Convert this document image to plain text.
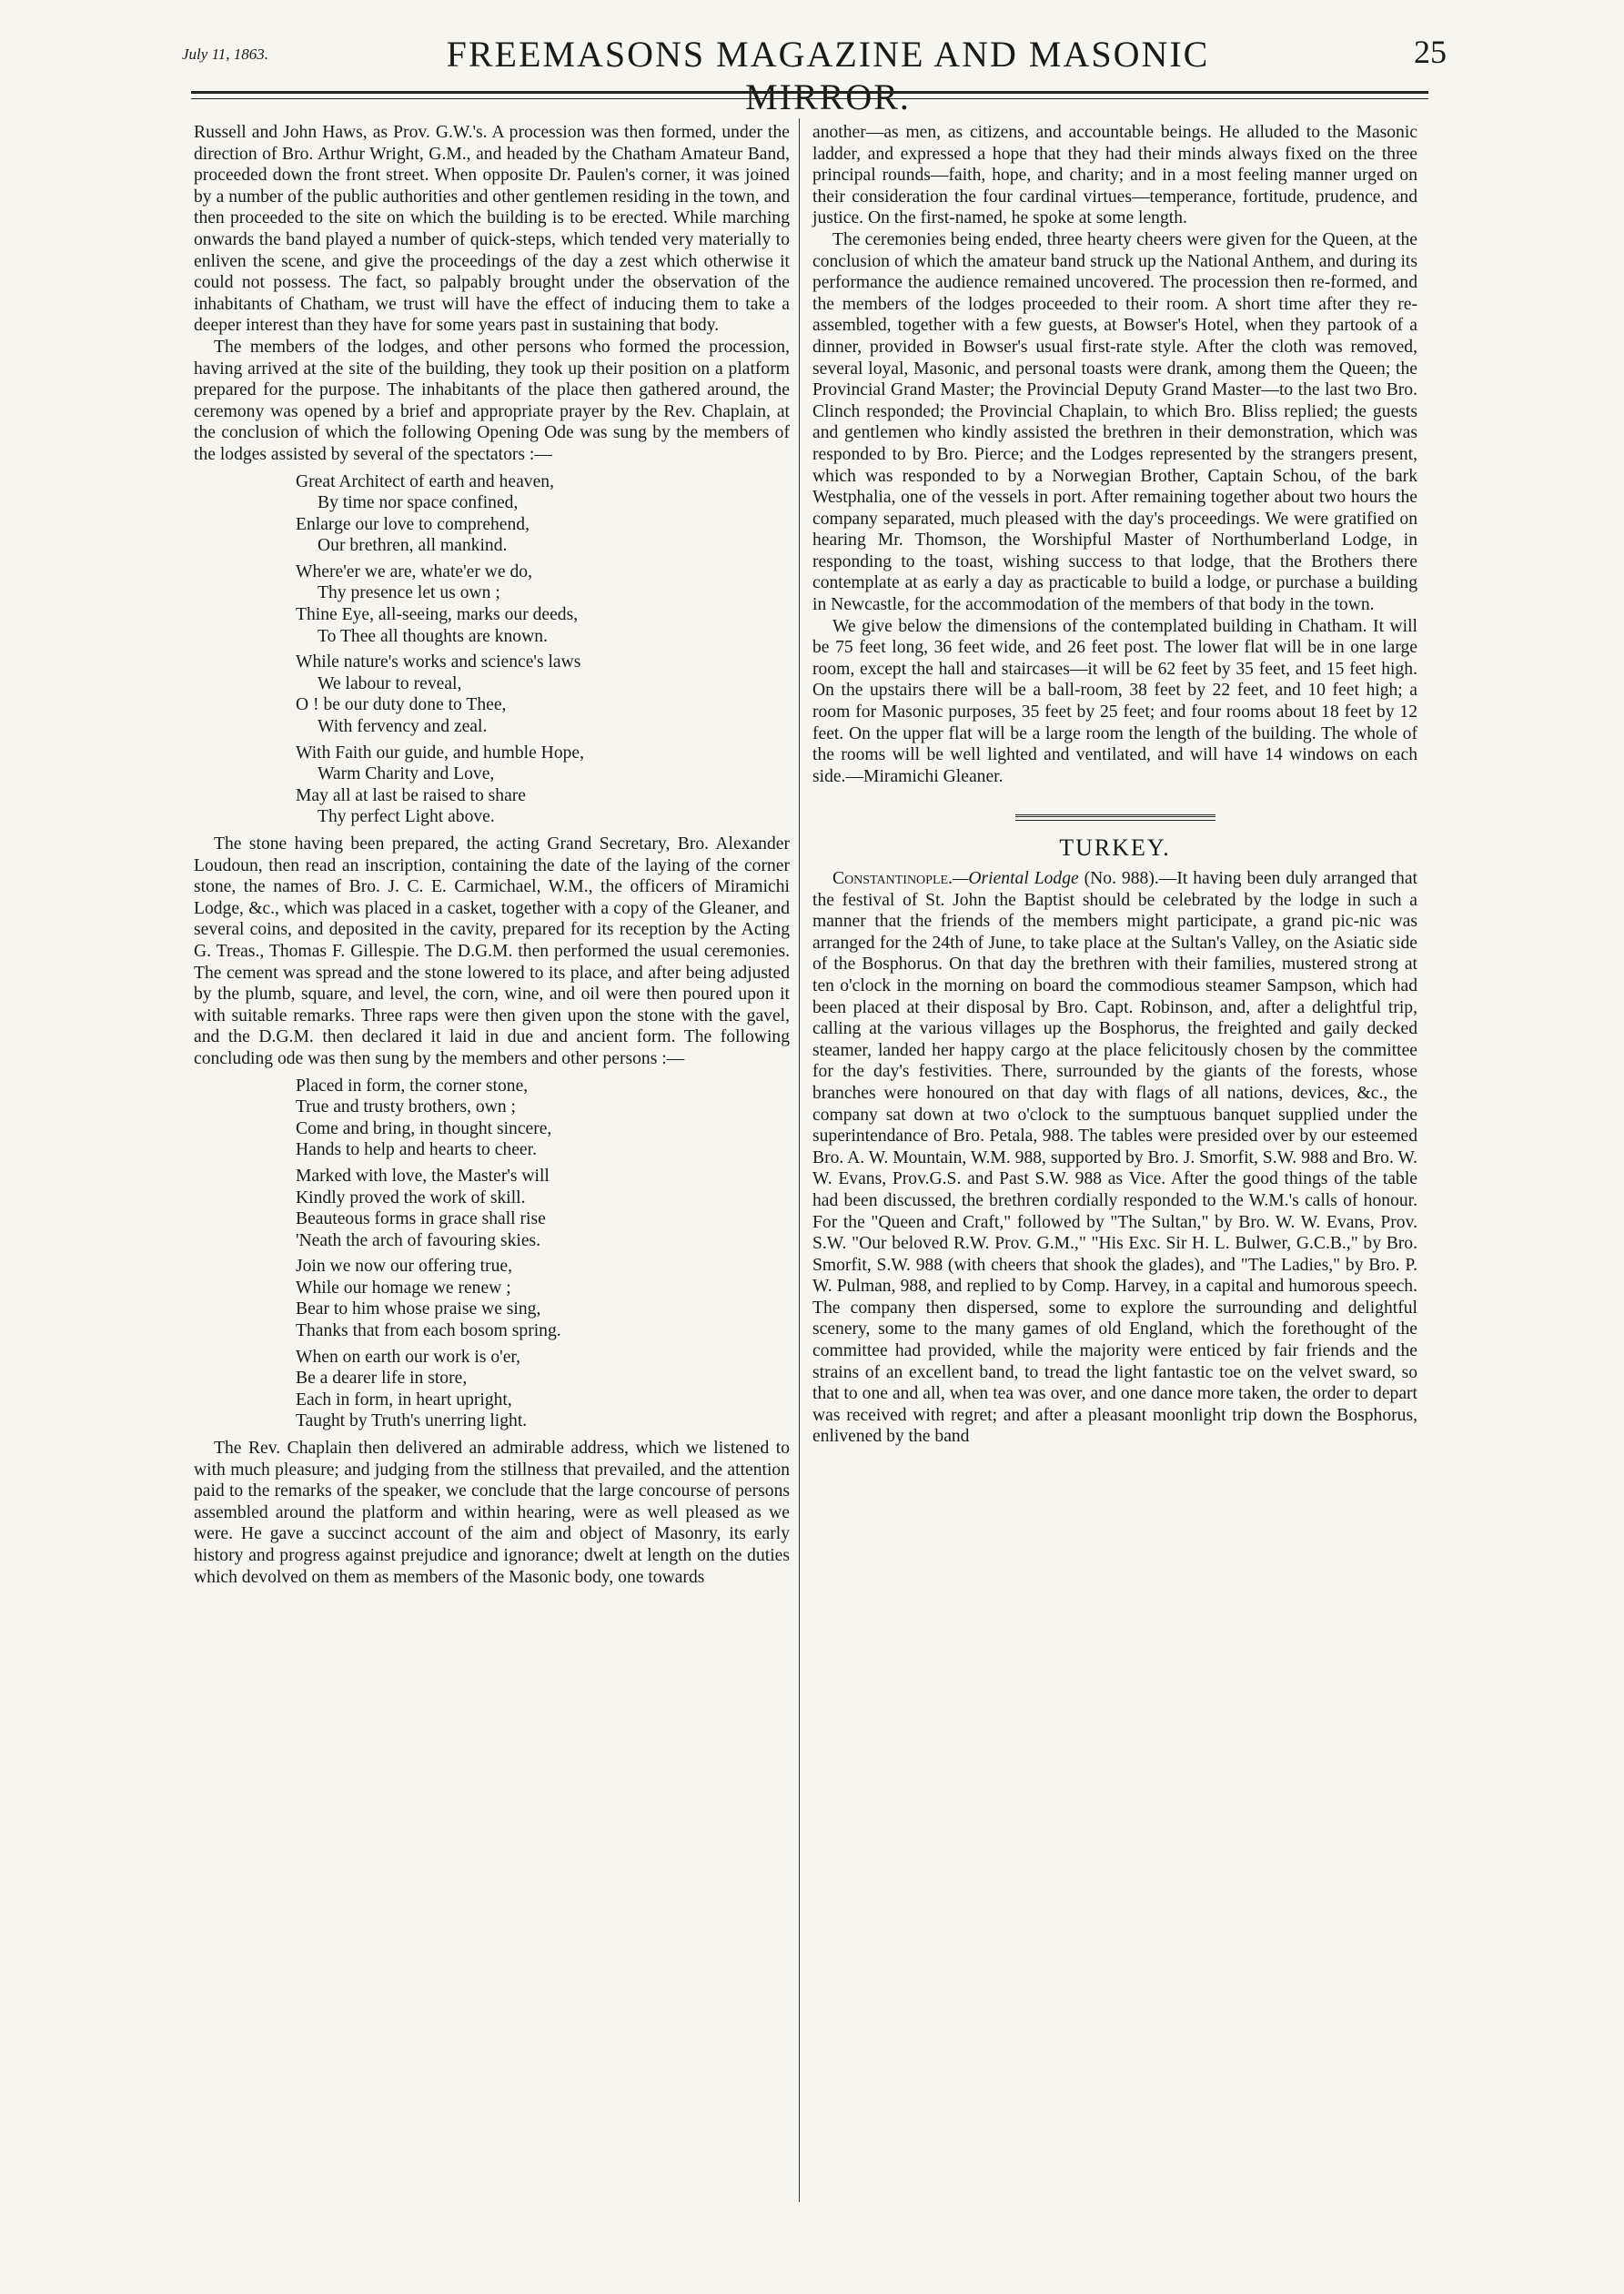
July 11, 1863.	FREEMASONS MAGAZINE AND MASONIC MIRROR.
25

Russell and John Haws, as Prov. G.W.'s. A procession was then formed, under the direction of Bro. Arthur Wright, G.M., and headed by the Chatham Amateur Band, proceeded down the front street. When opposite Dr. Paulen's corner, it was joined by a number of the public authorities and other gentlemen residing in the town, and then proceeded to the site on which the building is to be erected. While marching onwards the band played a number of quick-steps, which tended very materially to enliven the scene, and give the proceedings of the day a zest which otherwise it could not possess. The fact, so palpably brought under the observation of the inhabitants of Chatham, we trust will have the effect of inducing them to take a deeper interest than they have for some years past in sustaining that body.

The members of the lodges, and other persons who formed the procession, having arrived at the site of the building, they took up their position on a platform prepared for the purpose. The inhabitants of the place then gathered around, the ceremony was opened by a brief and appropriate prayer by the Rev. Chaplain, at the conclusion of which the following Opening Ode was sung by the members of the lodges assisted by several of the spectators :—

Great Architect of earth and heaven,
By time nor space confined,
Enlarge our love to comprehend,
Our brethren, all mankind.
Where'er we are, whate'er we do,
Thy presence let us own ;
Thine Eye, all-seeing, marks our deeds,
To Thee all thoughts are known.
While nature's works and science's laws
We labour to reveal,
O ! be our duty done to Thee,
With fervency and zeal.
With Faith our guide, and humble Hope,
Warm Charity and Love,
May all at last be raised to share
Thy perfect Light above.

The stone having been prepared, the acting Grand Secretary, Bro. Alexander Loudoun, then read an inscription, containing the date of the laying of the corner stone, the names of Bro. J. C. E. Carmichael, W.M., the officers of Miramichi Lodge, &c., which was placed in a casket, together with a copy of the Gleaner, and several coins, and deposited in the cavity, prepared for its reception by the Acting G. Treas., Thomas F. Gillespie. The D.G.M. then performed the usual ceremonies. The cement was spread and the stone lowered to its place, and after being adjusted by the plumb, square, and level, the corn, wine, and oil were then poured upon it with suitable remarks. Three raps were then given upon the stone with the gavel, and the D.G.M. then declared it laid in due and ancient form. The following concluding ode was then sung by the members and other persons :—

Placed in form, the corner stone,
True and trusty brothers, own ;
Come and bring, in thought sincere,
Hands to help and hearts to cheer.
Marked with love, the Master's will
Kindly proved the work of skill.
Beauteous forms in grace shall rise
'Neath the arch of favouring skies.
Join we now our offering true,
While our homage we renew ;
Bear to him whose praise we sing,
Thanks that from each bosom spring.
When on earth our work is o'er,
Be a dearer life in store,
Each in form, in heart upright,
Taught by Truth's unerring light.

The Rev. Chaplain then delivered an admirable address, which we listened to with much pleasure; and judging from the stillness that prevailed, and the attention paid to the remarks of the speaker, we conclude that the large concourse of persons assembled around the platform and within hearing, were as well pleased as we were. He gave a succinct account of the aim and object of Masonry, its early history and progress against prejudice and ignorance; dwelt at length on the duties which devolved on them as members of the Masonic body, one towards

another—as men, as citizens, and accountable beings. He alluded to the Masonic ladder, and expressed a hope that they had their minds always fixed on the three principal rounds—faith, hope, and charity; and in a most feeling manner urged on their consideration the four cardinal virtues—temperance, fortitude, prudence, and justice. On the first-named, he spoke at some length.

The ceremonies being ended, three hearty cheers were given for the Queen, at the conclusion of which the amateur band struck up the National Anthem, and during its performance the audience remained uncovered. The procession then re-formed, and the members of the lodges proceeded to their room. A short time after they re-assembled, together with a few guests, at Bowser's Hotel, when they partook of a dinner, provided in Bowser's usual first-rate style. After the cloth was removed, several loyal, Masonic, and personal toasts were drank, among them the Queen; the Provincial Grand Master; the Provincial Deputy Grand Master—to the last two Bro. Clinch responded; the Provincial Chaplain, to which Bro. Bliss replied; the guests and gentlemen who kindly assisted the brethren in their demonstration, which was responded to by Bro. Pierce; and the Lodges represented by the strangers present, which was responded to by a Norwegian Brother, Captain Schou, of the bark Westphalia, one of the vessels in port. After remaining together about two hours the company separated, much pleased with the day's proceedings. We were gratified on hearing Mr. Thomson, the Worshipful Master of Northumberland Lodge, in responding to the toast, wishing success to that lodge, that the Brothers there contemplate at as early a day as practicable to build a lodge, or purchase a building in Newcastle, for the accommodation of the members of that body in the town.

We give below the dimensions of the contemplated building in Chatham. It will be 75 feet long, 36 feet wide, and 26 feet post. The lower flat will be in one large room, except the hall and staircases—it will be 62 feet by 35 feet, and 15 feet high. On the upstairs there will be a ball-room, 38 feet by 22 feet, and 10 feet high; a room for Masonic purposes, 35 feet by 25 feet; and four rooms about 18 feet by 12 feet. On the upper flat will be a large room the length of the building. The whole of the rooms will be well lighted and ventilated, and will have 14 windows on each side.—Miramichi Gleaner.

TURKEY.

Constantinople.—Oriental Lodge (No. 988).—It having been duly arranged that the festival of St. John the Baptist should be celebrated by the lodge in such a manner that the friends of the members might participate, a grand pic-nic was arranged for the 24th of June, to take place at the Sultan's Valley, on the Asiatic side of the Bosphorus. On that day the brethren with their families, mustered strong at ten o'clock in the morning on board the commodious steamer Sampson, which had been placed at their disposal by Bro. Capt. Robinson, and, after a delightful trip, calling at the various villages up the Bosphorus, the freighted and gaily decked steamer, landed her happy cargo at the place felicitously chosen by the committee for the day's festivities. There, surrounded by the giants of the forests, whose branches were honoured on that day with flags of all nations, devices, &c., the company sat down at two o'clock to the sumptuous banquet supplied under the superintendance of Bro. Petala, 988. The tables were presided over by our esteemed Bro. A. W. Mountain, W.M. 988, supported by Bro. J. Smorfit, S.W. 988 and Bro. W. W. Evans, Prov.G.S. and Past S.W. 988 as Vice. After the good things of the table had been discussed, the brethren cordially responded to the W.M.'s calls of honour. For the "Queen and Craft," followed by "The Sultan," by Bro. W. W. Evans, Prov. S.W. "Our beloved R.W. Prov. G.M.," "His Exc. Sir H. L. Bulwer, G.C.B.," by Bro. Smorfit, S.W. 988 (with cheers that shook the glades), and "The Ladies," by Bro. P. W. Pulman, 988, and replied to by Comp. Harvey, in a capital and humorous speech. The company then dispersed, some to explore the surrounding and delightful scenery, some to the many games of old England, which the forethought of the committee had provided, while the majority were enticed by fair friends and the strains of an excellent band, to tread the light fantastic toe on the velvet sward, so that to one and all, when tea was over, and one dance more taken, the order to depart was received with regret; and after a pleasant moonlight trip down the Bosphorus, enlivened by the band
